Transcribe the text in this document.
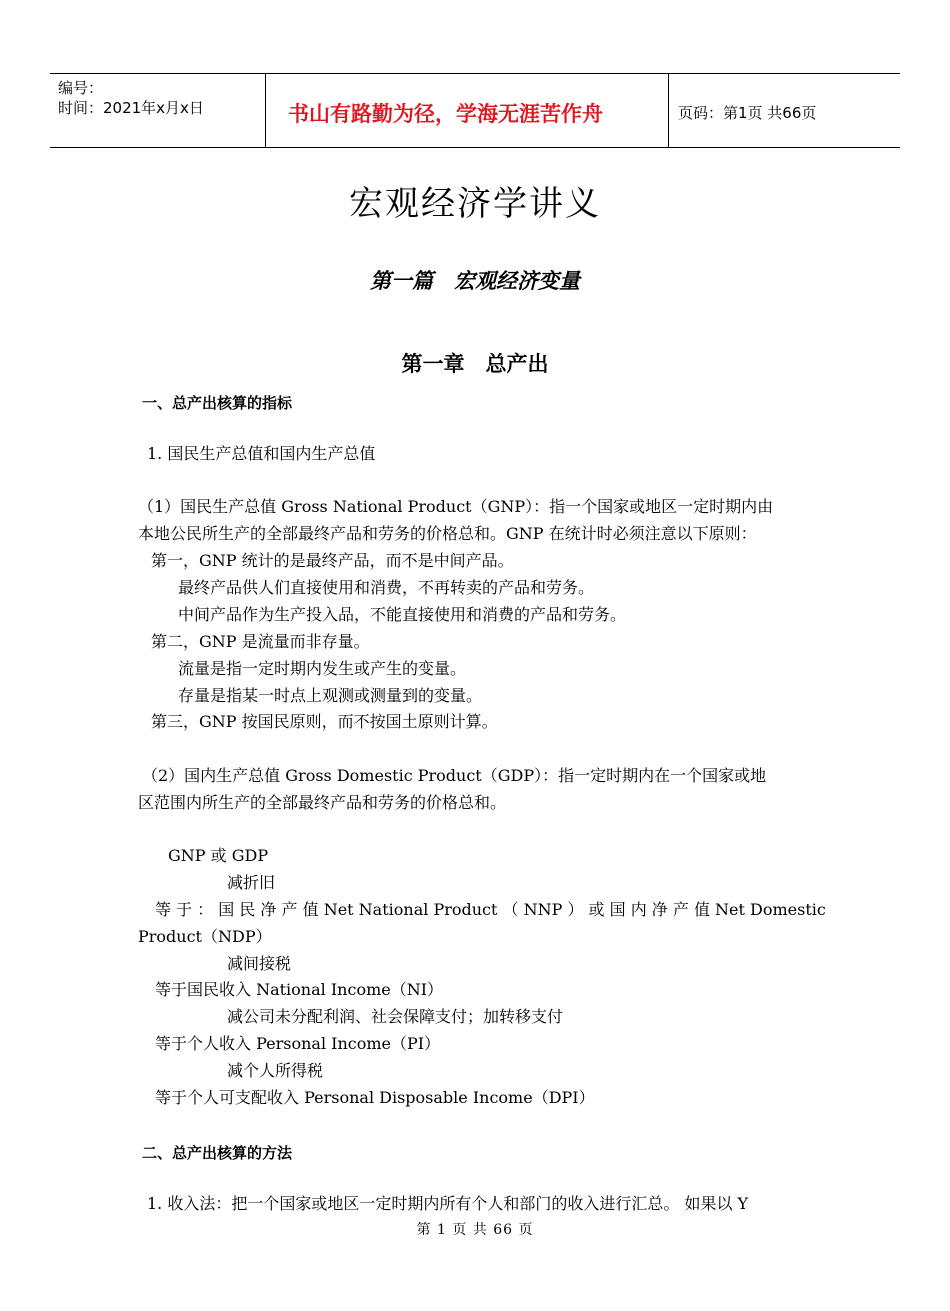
编号：
时间：2021年x月x日	书山有路勤为径，学海无涯苦作舟	页码：第1页 共66页
宏观经济学讲义
第一篇　宏观经济变量
第一章　总产出
一、总产出核算的指标
1. 国民生产总值和国内生产总值
（1）国民生产总值 Gross National Product（GNP）：指一个国家或地区一定时期内由
本地公民所生产的全部最终产品和劳务的价格总和。GNP 在统计时必须注意以下原则：
第一，GNP 统计的是最终产品，而不是中间产品。
最终产品供人们直接使用和消费，不再转卖的产品和劳务。
中间产品作为生产投入品，不能直接使用和消费的产品和劳务。
第二，GNP 是流量而非存量。
流量是指一定时期内发生或产生的变量。
存量是指某一时点上观测或测量到的变量。
第三，GNP 按国民原则，而不按国土原则计算。
（2）国内生产总值 Gross Domestic Product（GDP）：指一定时期内在一个国家或地
区范围内所生产的全部最终产品和劳务的价格总和。
GNP 或 GDP
减折旧
等 于 ： 国 民 净 产 值 Net National Product （ NNP ） 或 国 内 净 产 值 Net Domestic
Product（NDP）
减间接税
等于国民收入 National Income（NI）
减公司未分配利润、社会保障支付；加转移支付
等于个人收入 Personal Income（PI）
减个人所得税
等于个人可支配收入 Personal Disposable Income（DPI）
二、总产出核算的方法
1. 收入法：把一个国家或地区一定时期内所有个人和部门的收入进行汇总。 如果以 Y
第 1 页 共 66 页
